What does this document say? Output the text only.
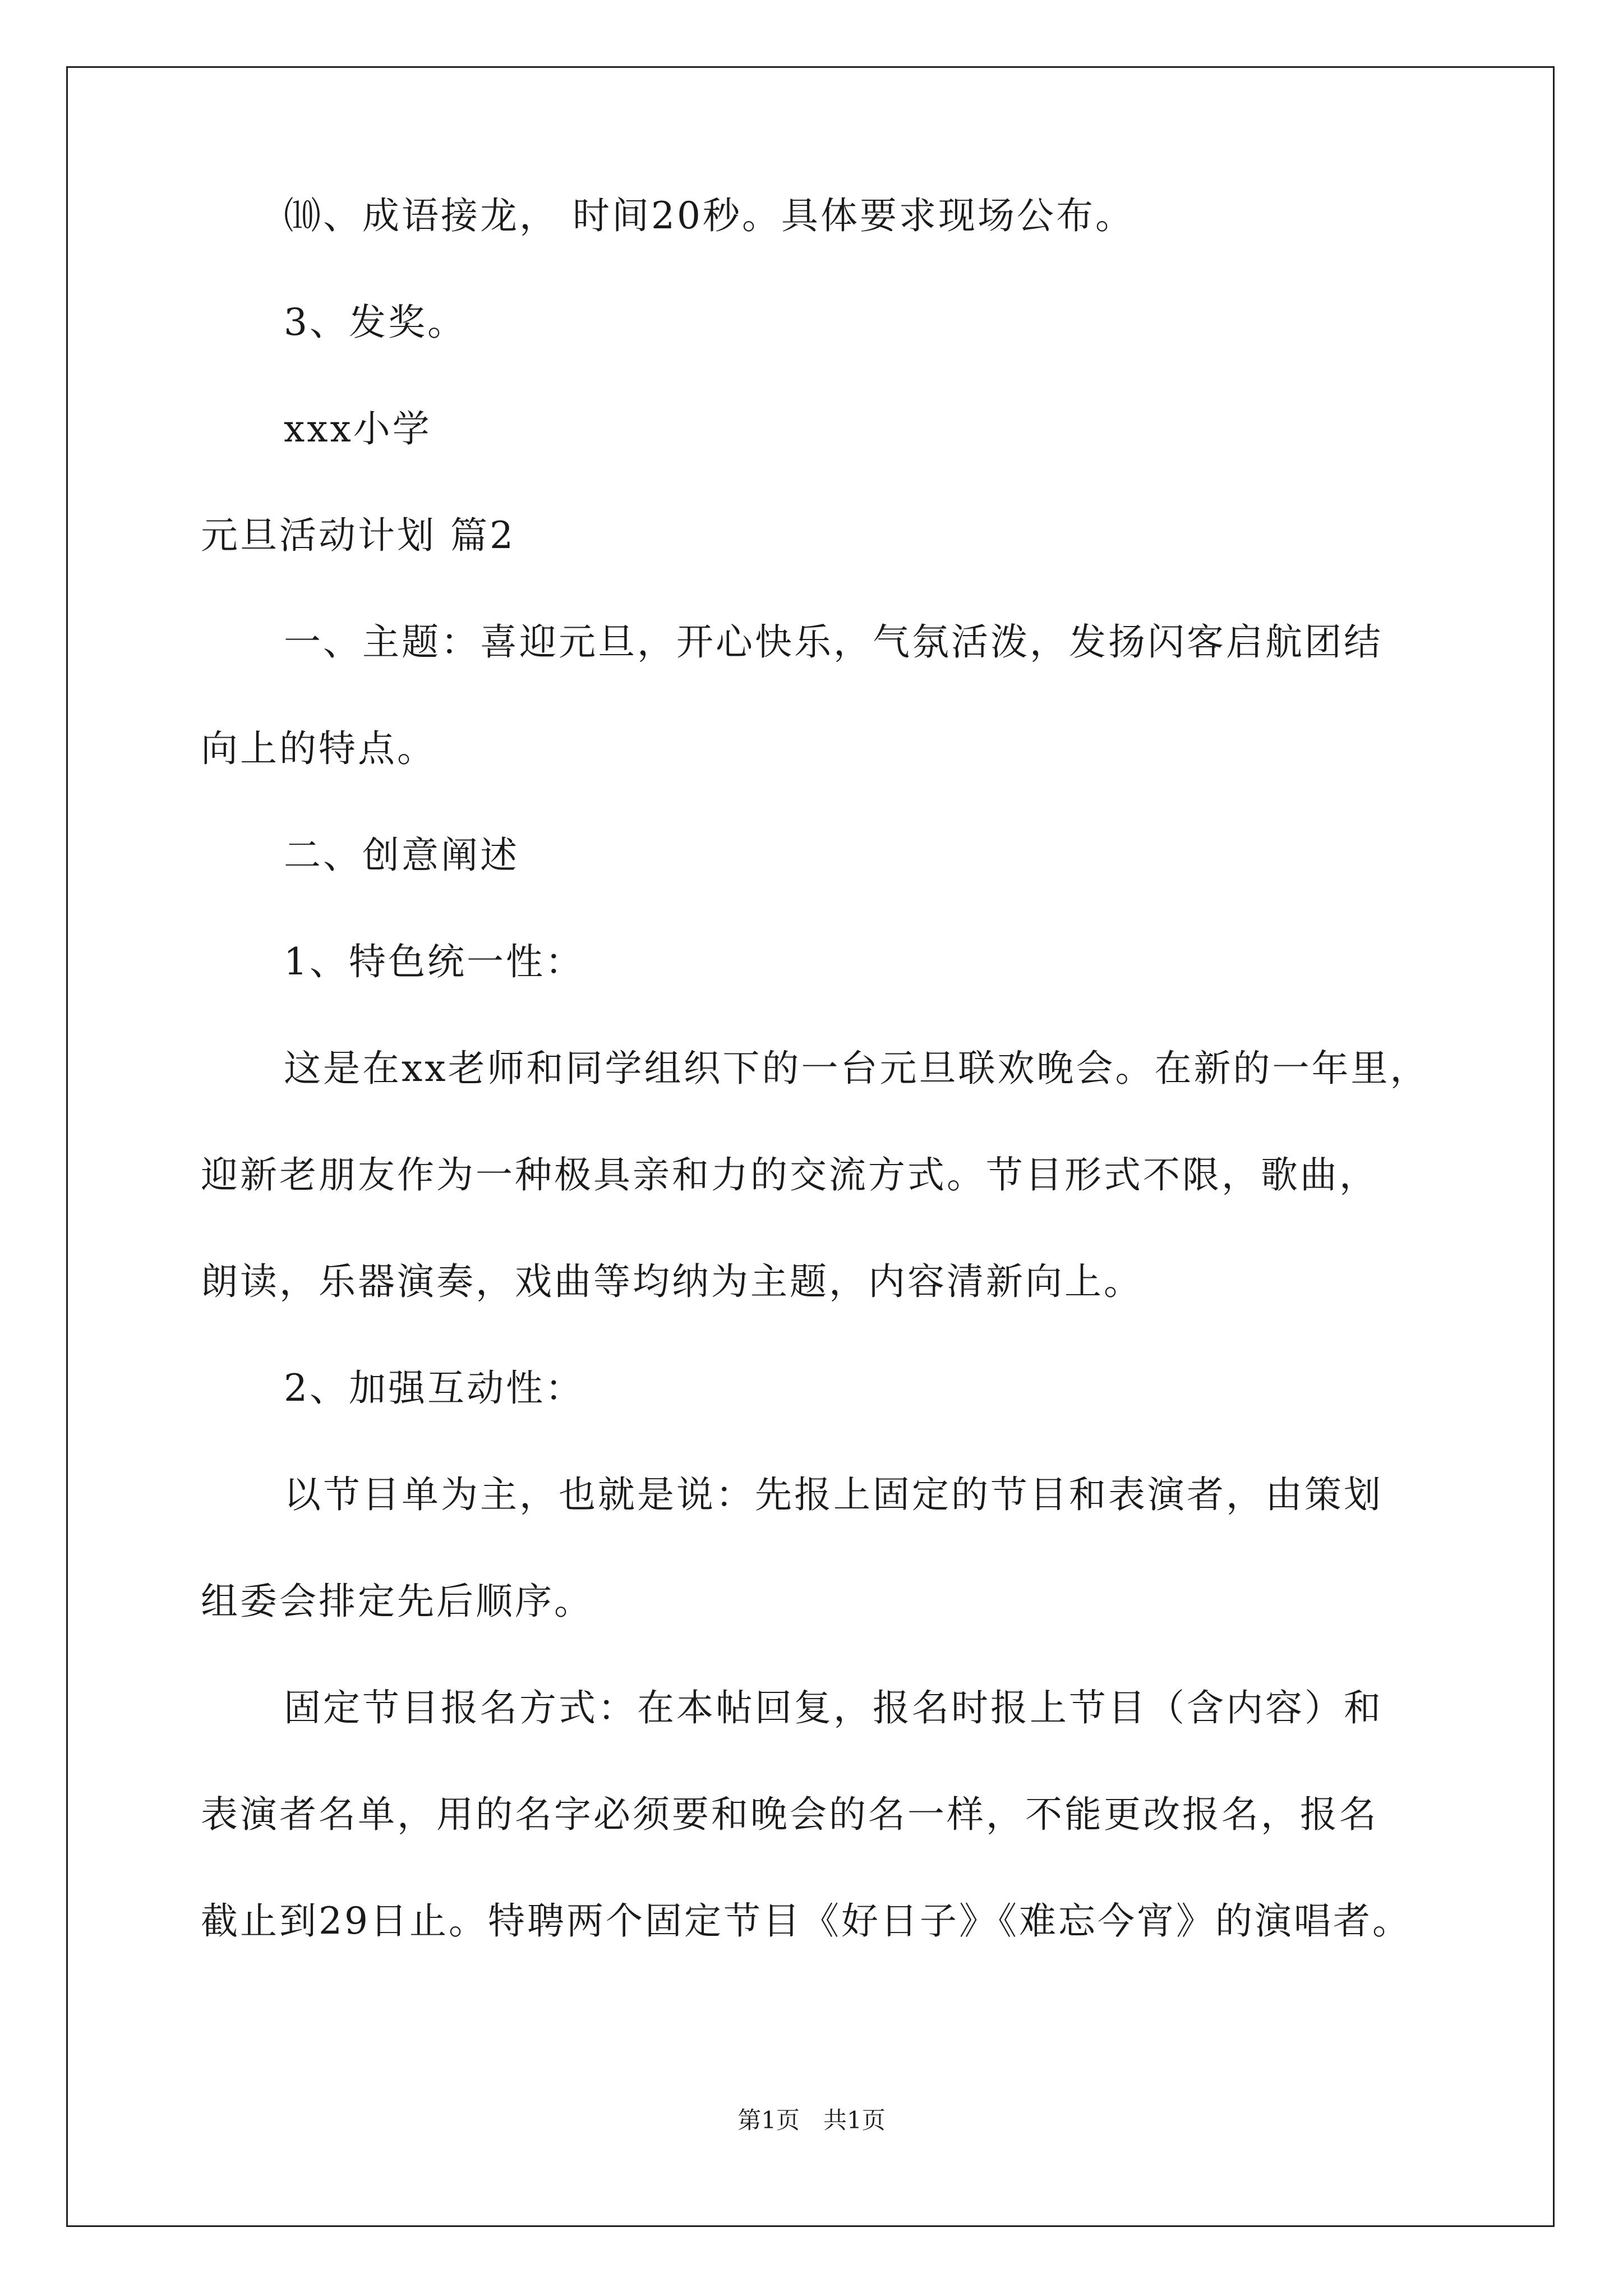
⑽、成语接龙， 时间20秒。具体要求现场公布。
3、发奖。
xxx小学
元旦活动计划 篇2
一、主题：喜迎元旦，开心快乐，气氛活泼，发扬闪客启航团结
向上的特点。
二、创意阐述
1、特色统一性：
这是在xx老师和同学组织下的一台元旦联欢晚会。在新的一年里，
迎新老朋友作为一种极具亲和力的交流方式。节目形式不限，歌曲，
朗读，乐器演奏，戏曲等均纳为主题，内容清新向上。
2、加强互动性：
以节目单为主，也就是说：先报上固定的节目和表演者，由策划
组委会排定先后顺序。
固定节目报名方式：在本帖回复，报名时报上节目（含内容）和
表演者名单，用的名字必须要和晚会的名一样，不能更改报名，报名
截止到29日止。特聘两个固定节目《好日子》《难忘今宵》的演唱者。
第1页　共1页
